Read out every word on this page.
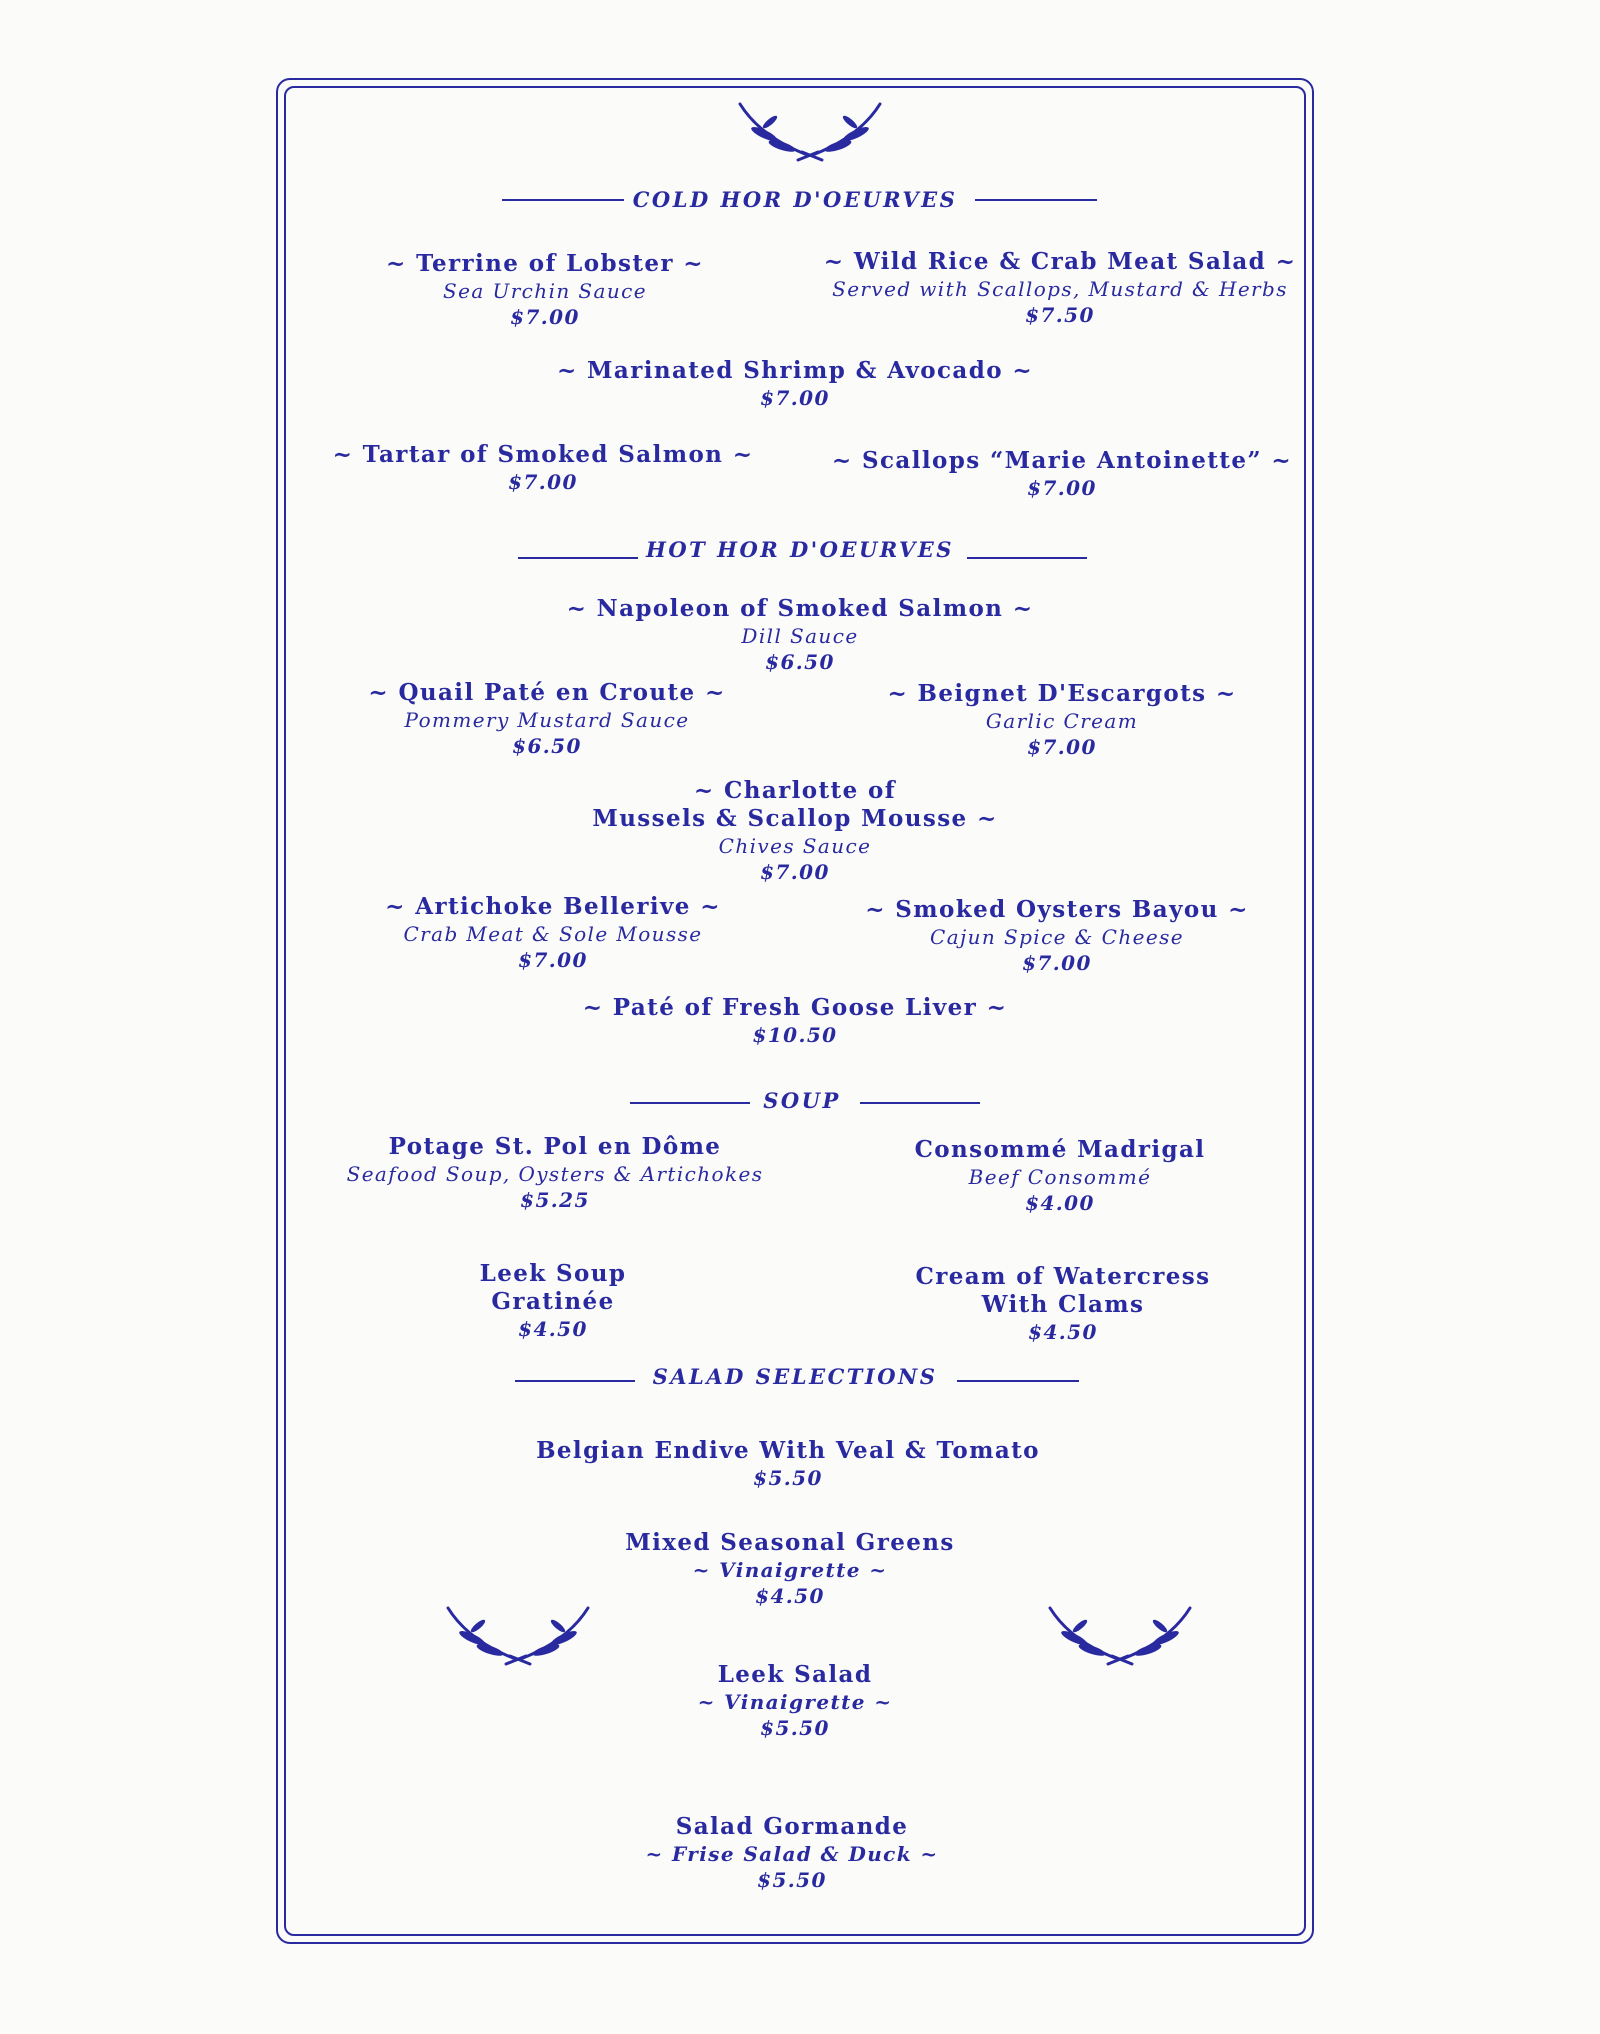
COLD HOR D'OEURVES
~ Terrine of Lobster ~
Sea Urchin Sauce
$7.00
~ Wild Rice & Crab Meat Salad ~
Served with Scallops, Mustard & Herbs
$7.50
~ Marinated Shrimp & Avocado ~
$7.00
~ Tartar of Smoked Salmon ~
$7.00
~ Scallops “Marie Antoinette” ~
$7.00
HOT HOR D'OEURVES
~ Napoleon of Smoked Salmon ~
Dill Sauce
$6.50
~ Quail Paté en Croute ~
Pommery Mustard Sauce
$6.50
~ Beignet D'Escargots ~
Garlic Cream
$7.00
~ Charlotte of
Mussels & Scallop Mousse ~
Chives Sauce
$7.00
~ Artichoke Bellerive ~
Crab Meat & Sole Mousse
$7.00
~ Smoked Oysters Bayou ~
Cajun Spice & Cheese
$7.00
~ Paté of Fresh Goose Liver ~
$10.50
SOUP
Potage St. Pol en Dôme
Seafood Soup, Oysters & Artichokes
$5.25
Consommé Madrigal
Beef Consommé
$4.00
Leek Soup
Gratinée
$4.50
Cream of Watercress
With Clams
$4.50
SALAD SELECTIONS
Belgian Endive With Veal & Tomato
$5.50
Mixed Seasonal Greens
~ Vinaigrette ~
$4.50
Leek Salad
~ Vinaigrette ~
$5.50
Salad Gormande
~ Frise Salad & Duck ~
$5.50
